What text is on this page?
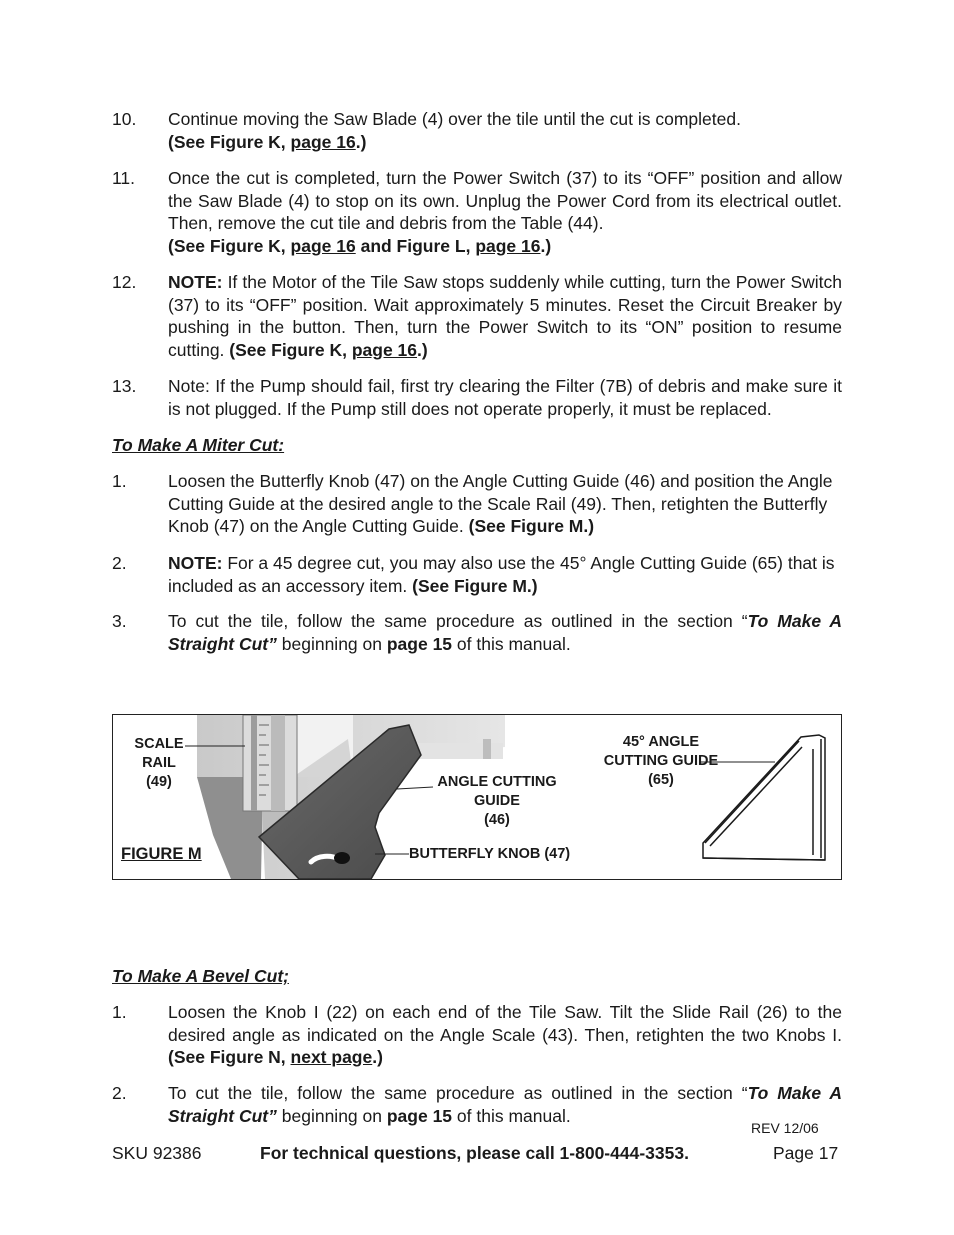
10.	Continue moving the Saw Blade (4) over the tile until the cut is completed.
(See Figure K, page 16.)
11.	Once the cut is completed, turn the Power Switch (37) to its “OFF” position and allow the Saw Blade (4) to stop on its own. Unplug the Power Cord from its electrical outlet. Then, remove the cut tile and debris from the Table (44).
(See Figure K, page 16 and Figure L, page 16.)
12.	NOTE: If the Motor of the Tile Saw stops suddenly while cutting, turn the Power Switch (37) to its “OFF” position. Wait approximately 5 minutes. Reset the Circuit Breaker by pushing in the button. Then, turn the Power Switch to its “ON” position to resume cutting. (See Figure K, page 16.)
13.	Note: If the Pump should fail, first try clearing the Filter (7B) of debris and make sure it is not plugged. If the Pump still does not operate properly, it must be replaced.
To Make A Miter Cut:
1.	Loosen the Butterfly Knob (47) on the Angle Cutting Guide (46) and position the Angle Cutting Guide at the desired angle to the Scale Rail (49). Then, retighten the Butterfly Knob (47) on the Angle Cutting Guide. (See Figure M.)
2.	NOTE: For a 45 degree cut, you may also use the 45° Angle Cutting Guide (65) that is included as an accessory item. (See Figure M.)
3.	To cut the tile, follow the same procedure as outlined in the section “To Make A Straight Cut” beginning on page 15 of this manual.
SCALE
RAIL
(49)	ANGLE CUTTING
GUIDE
(46)
BUTTERFLY KNOB (47)
45° ANGLE
CUTTING GUIDE
(65)
FIGURE M
To Make A Bevel Cut;
1.	Loosen the Knob I (22) on each end of the Tile Saw. Tilt the Slide Rail (26) to the desired angle as indicated on the Angle Scale (43). Then, retighten the two Knobs I. (See Figure N, next page.)
2.	To cut the tile, follow the same procedure as outlined in the section “To Make A Straight Cut” beginning on page 15 of this manual.
REV 12/06
SKU 92386	For technical questions, please call 1-800-444-3353.	Page 17
